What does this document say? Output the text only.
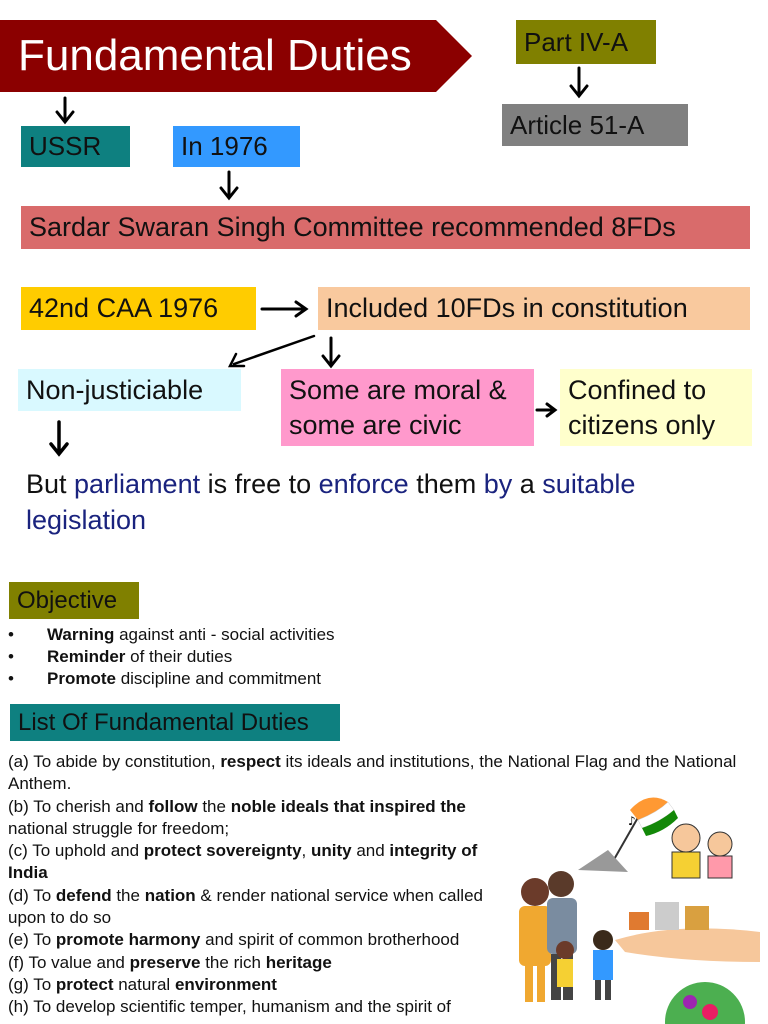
Fundamental Duties	Part IV-A
Article 51-A
USSR	In 1976
Sardar Swaran Singh Committee recommended 8FDs
42nd CAA 1976	Included 10FDs in constitution
Non-justiciable	Some are moral &
some are civic
Confined to
citizens only
But parliament is free to enforce them by a suitable
legislation
Objective
• Warning against anti - social activities
• Reminder of their duties
• Promote discipline and commitment
List Of Fundamental Duties
(a) To abide by constitution, respect its ideals and institutions, the National Flag and the National Anthem.
(b) To cherish and follow the noble ideals that inspired the national struggle for freedom;
(c) To uphold and protect sovereignty, unity and integrity of India
(d) To defend the nation & render national service when called upon to do so
(e) To promote harmony and spirit of common brotherhood
(f) To value and preserve the rich heritage
(g) To protect natural environment
(h) To develop scientific temper, humanism and the spirit of
♪
